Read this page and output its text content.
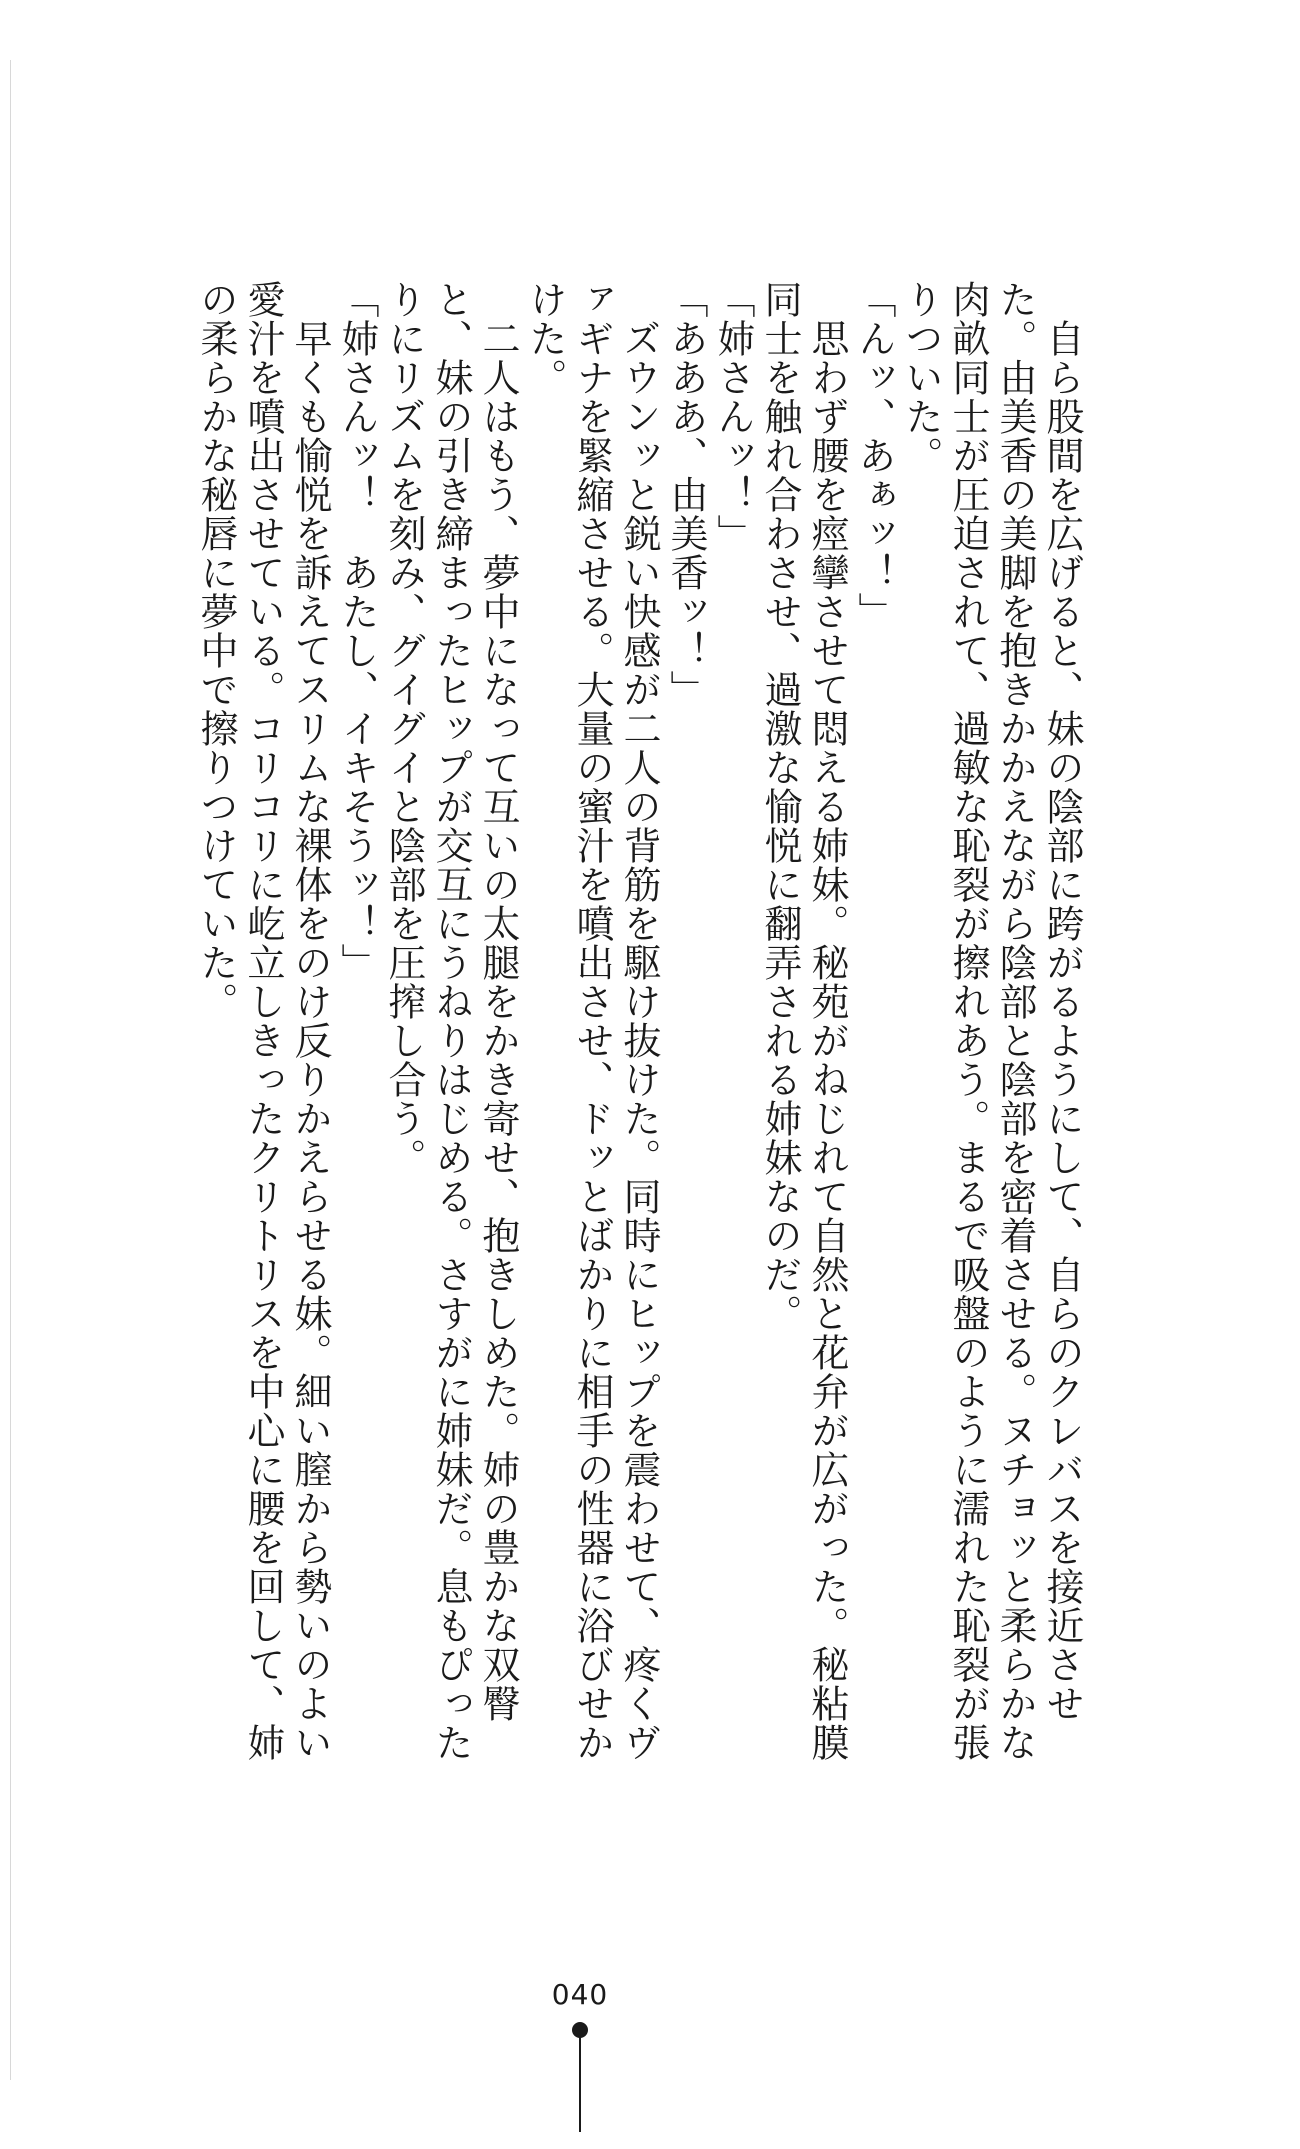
　自ら股間を広げると、妹の陰部に跨がるようにして、自らのクレバスを接近させた。由美香の美脚を抱きかかえながら陰部と陰部を密着させる。ヌチョッと柔らかな肉畝同士が圧迫されて、過敏な恥裂が擦れあう。まるで吸盤のように濡れた恥裂が張りついた。

「んッ、あぁッ！」

　思わず腰を痙攣させて悶える姉妹。秘苑がねじれて自然と花弁が広がった。秘粘膜同士を触れ合わさせ、過激な愉悦に翻弄される姉妹なのだ。

「姉さんッ！」

「あああ、由美香ッ！」

　ズウンッと鋭い快感が二人の背筋を駆け抜けた。同時にヒップを震わせて、疼くヴァギナを緊縮させる。大量の蜜汁を噴出させ、ドッとばかりに相手の性器に浴びせかけた。

　二人はもう、夢中になって互いの太腿をかき寄せ、抱きしめた。姉の豊かな双臀と、妹の引き締まったヒップが交互にうねりはじめる。さすがに姉妹だ。息もぴったりにリズムを刻み、グイグイと陰部を圧搾し合う。

「姉さんッ！　あたし、イキそうッ！」

　早くも愉悦を訴えてスリムな裸体をのけ反りかえらせる妹。細い膣から勢いのよい愛汁を噴出させている。コリコリに屹立しきったクリトリスを中心に腰を回して、姉の柔らかな秘唇に夢中で擦りつけていた。

040
